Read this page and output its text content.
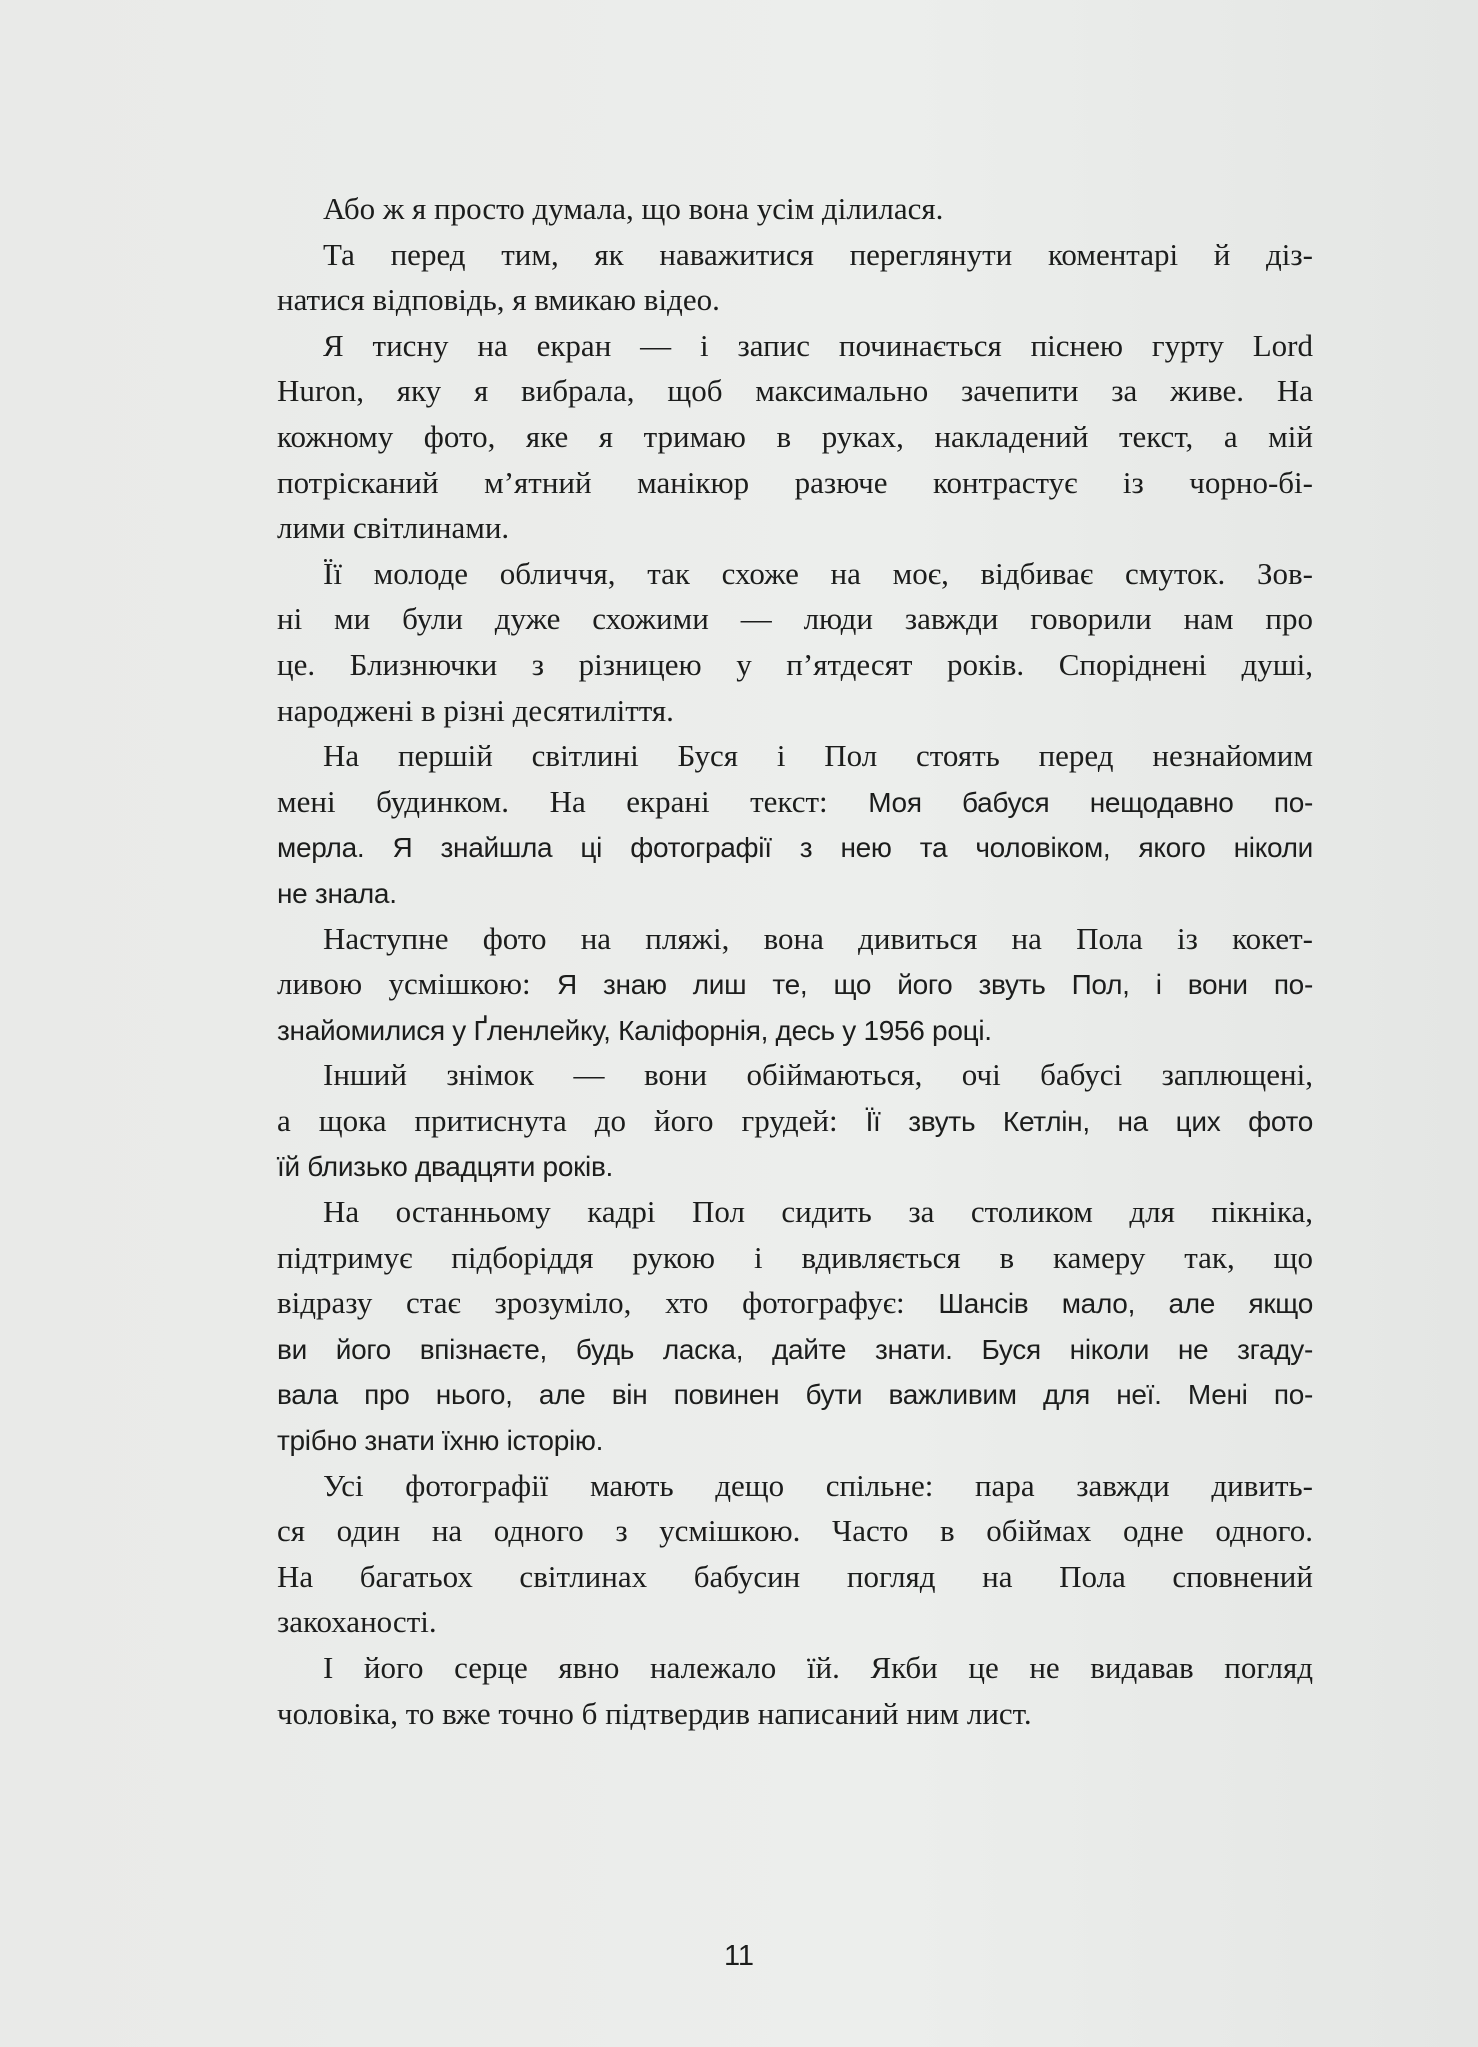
Або ж я просто думала, що вона усім ділилася.
Та перед тим, як наважитися переглянути коментарі й діз-
натися відповідь, я вмикаю відео.
Я тисну на екран — і запис починається піснею гурту Lord
Huron, яку я вибрала, щоб максимально зачепити за живе. На
кожному фото, яке я тримаю в руках, накладений текст, а мій
потрісканий м’ятний манікюр разюче контрастує із чорно-бі-
лими світлинами.
Її молоде обличчя, так схоже на моє, відбиває смуток. Зов-
ні ми були дуже схожими — люди завжди говорили нам про
це. Близнючки з різницею у п’ятдесят років. Споріднені душі,
народжені в різні десятиліття.
На першій світлині Буся і Пол стоять перед незнайомим
мені будинком. На екрані текст: Моя бабуся нещодавно по-
мерла. Я знайшла ці фотографії з нею та чоловіком, якого ніколи
не знала.
Наступне фото на пляжі, вона дивиться на Пола із кокет-
ливою усмішкою: Я знаю лиш те, що його звуть Пол, і вони по-
знайомилися у Ґленлейку, Каліфорнія, десь у 1956 році.
Інший знімок — вони обіймаються, очі бабусі заплющені,
а щока притиснута до його грудей: Її звуть Кетлін, на цих фото
їй близько двадцяти років.
На останньому кадрі Пол сидить за столиком для пікніка,
підтримує підборіддя рукою і вдивляється в камеру так, що
відразу стає зрозуміло, хто фотографує: Шансів мало, але якщо
ви його впізнаєте, будь ласка, дайте знати. Буся ніколи не згаду-
вала про нього, але він повинен бути важливим для неї. Мені по-
трібно знати їхню історію.
Усі фотографії мають дещо спільне: пара завжди дивить-
ся один на одного з усмішкою. Часто в обіймах одне одного.
На багатьох світлинах бабусин погляд на Пола сповнений
закоханості.
І його серце явно належало їй. Якби це не видавав погляд
чоловіка, то вже точно б підтвердив написаний ним лист.
11
